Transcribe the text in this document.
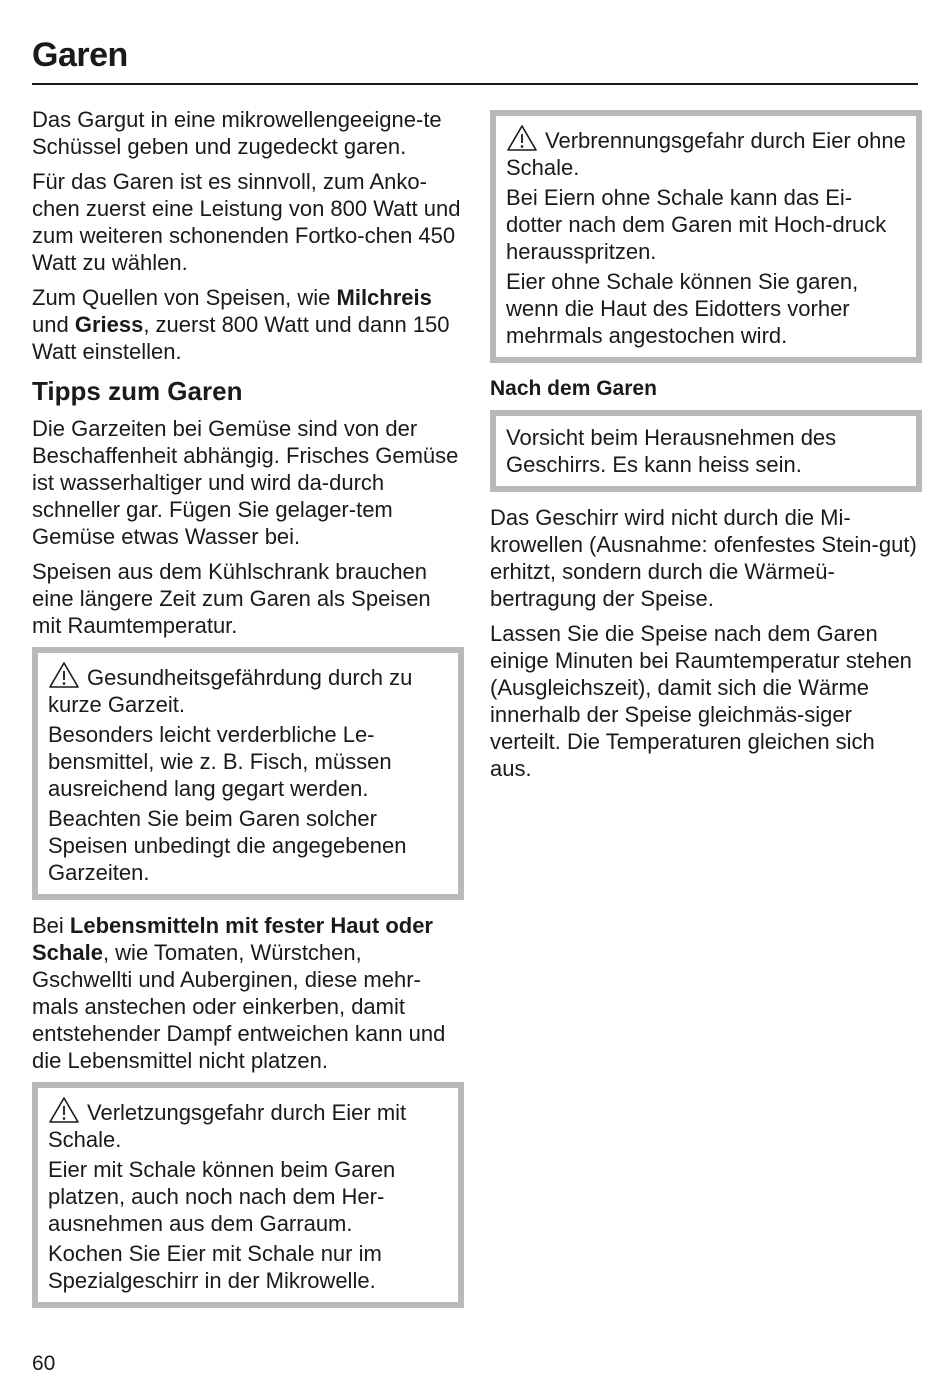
Garen

Das Gargut in eine mikrowellengeeigne-te Schüssel geben und zugedeckt garen.

Für das Garen ist es sinnvoll, zum Anko-chen zuerst eine Leistung von 800 Watt und zum weiteren schonenden Fortko-chen 450 Watt zu wählen.

Zum Quellen von Speisen, wie Milchreis und Griess, zuerst 800 Watt und dann 150 Watt einstellen.

Tipps zum Garen

Die Garzeiten bei Gemüse sind von der Beschaffenheit abhängig. Frisches Gemüse ist wasserhaltiger und wird da-durch schneller gar. Fügen Sie gelager-tem Gemüse etwas Wasser bei.

Speisen aus dem Kühlschrank brauchen eine längere Zeit zum Garen als Speisen mit Raumtemperatur.

Gesundheitsgefährdung durch zu kurze Garzeit.

Besonders leicht verderbliche Le-bensmittel, wie z. B. Fisch, müssen ausreichend lang gegart werden.

Beachten Sie beim Garen solcher Speisen unbedingt die angegebenen Garzeiten.

Bei Lebensmitteln mit fester Haut oder Schale, wie Tomaten, Würstchen, Gschwellti und Auberginen, diese mehr-mals anstechen oder einkerben, damit entstehender Dampf entweichen kann und die Lebensmittel nicht platzen.

Verletzungsgefahr durch Eier mit Schale.

Eier mit Schale können beim Garen platzen, auch noch nach dem Her-ausnehmen aus dem Garraum.

Kochen Sie Eier mit Schale nur im Spezialgeschirr in der Mikrowelle.

Verbrennungsgefahr durch Eier ohne Schale.

Bei Eiern ohne Schale kann das Ei-dotter nach dem Garen mit Hoch-druck herausspritzen.

Eier ohne Schale können Sie garen, wenn die Haut des Eidotters vorher mehrmals angestochen wird.

Nach dem Garen

Vorsicht beim Herausnehmen des Geschirrs. Es kann heiss sein.

Das Geschirr wird nicht durch die Mi-krowellen (Ausnahme: ofenfestes Stein-gut) erhitzt, sondern durch die Wärmeü-bertragung der Speise.

Lassen Sie die Speise nach dem Garen einige Minuten bei Raumtemperatur stehen (Ausgleichszeit), damit sich die Wärme innerhalb der Speise gleichmäs-siger verteilt. Die Temperaturen gleichen sich aus.

60
